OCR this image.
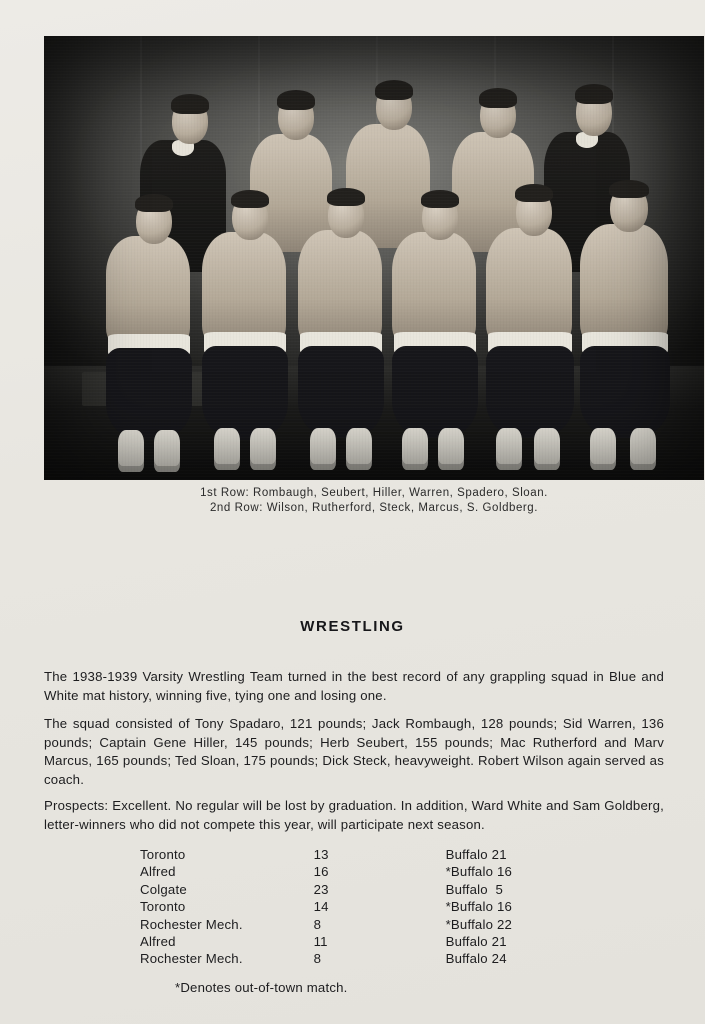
1st Row: Rombaugh, Seubert, Hiller, Warren, Spadero, Sloan.
2nd Row: Wilson, Rutherford, Steck, Marcus, S. Goldberg.
WRESTLING

The 1938-1939 Varsity Wrestling Team turned in the best record of any grappling squad in Blue and White mat history, winning five, tying one and losing one.

The squad consisted of Tony Spadaro, 121 pounds; Jack Rombaugh, 128 pounds; Sid Warren, 136 pounds; Captain Gene Hiller, 145 pounds; Herb Seubert, 155 pounds; Mac Rutherford and Marv Marcus, 165 pounds; Ted Sloan, 175 pounds; Dick Steck, heavyweight. Robert Wilson again served as coach.

Prospects: Excellent. No regular will be lost by graduation. In addition, Ward White and Sam Goldberg, letter-winners who did not compete this year, will participate next season.

Toronto	13	Buffalo 21
Alfred	16	*Buffalo 16
Colgate	23	Buffalo  5
Toronto	14	*Buffalo 16
Rochester Mech.	8	*Buffalo 22
Alfred	11	Buffalo 21
Rochester Mech.	8	Buffalo 24
*Denotes out-of-town match.
